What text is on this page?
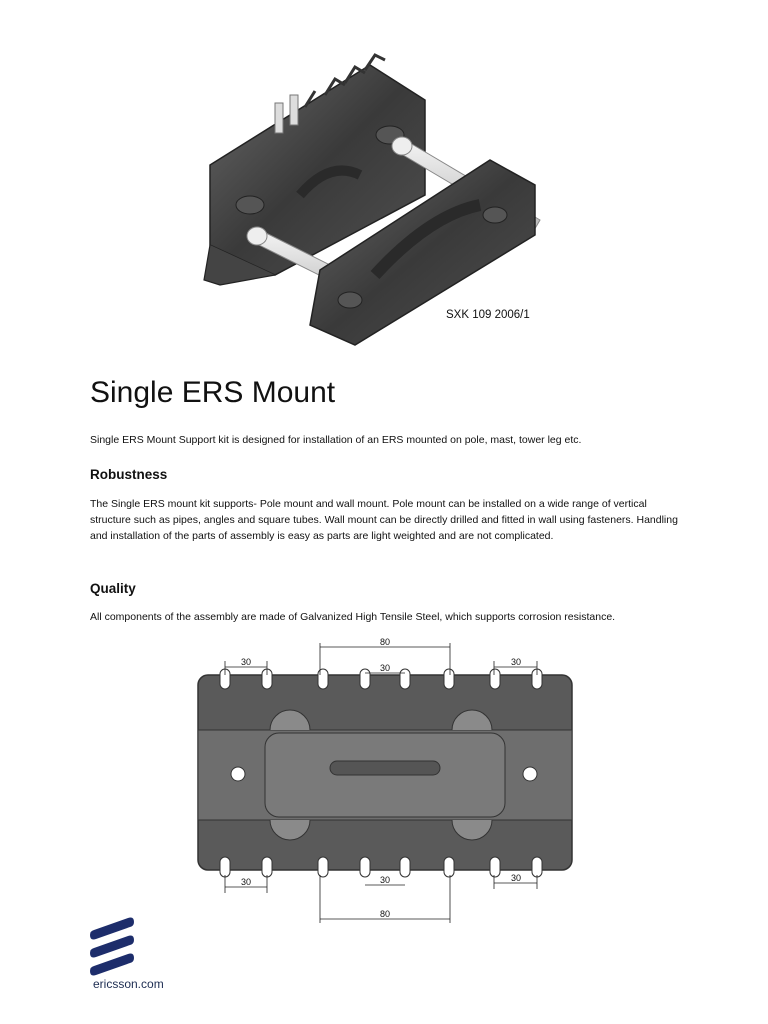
SXK 109 2006/1
Single ERS Mount
Single ERS Mount Support kit is designed for installation of an ERS mounted on pole, mast, tower leg etc.
Robustness

The Single ERS mount kit supports- Pole mount and wall mount. Pole mount can be installed on a wide range of vertical structure such as pipes, angles and square tubes. Wall mount can be directly drilled and fitted in wall using fasteners. Handling and installation of the parts of assembly is easy as parts are light weighted and are not complicated.

Quality

All components of the assembly are made of Galvanized High Tensile Steel, which supports corrosion resistance.

30
80
30
30
30	30
80
30
ericsson.com
